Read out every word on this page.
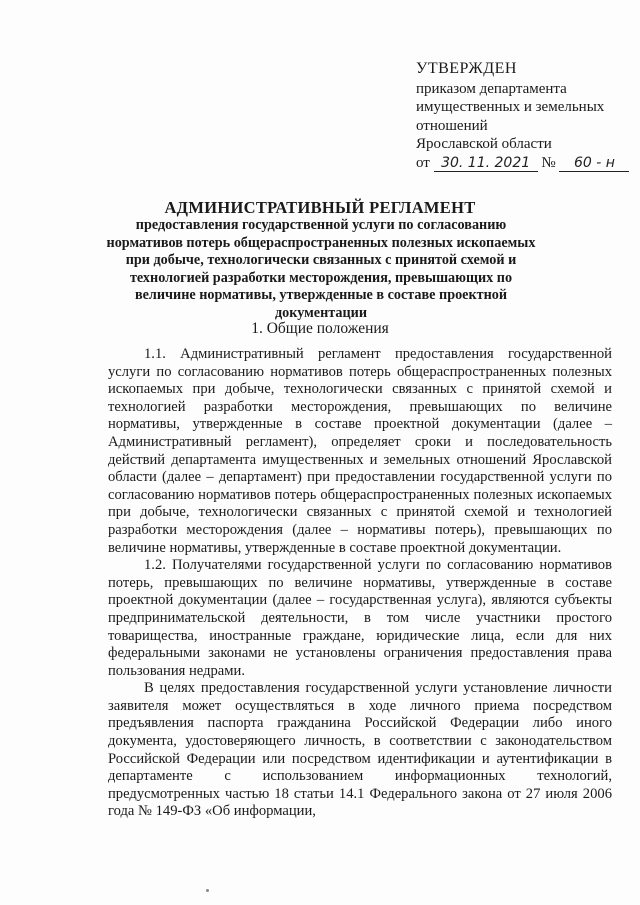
УТВЕРЖДЕН
приказом департамента
имущественных и земельных
отношений
Ярославской области
от 30. 11. 2021 № 60 - н
АДМИНИСТРАТИВНЫЙ РЕГЛАМЕНТ
предоставления государственной услуги по согласованию нормативов потерь общераспространенных полезных ископаемых при добыче, технологически связанных с принятой схемой и технологией разработки месторождения, превышающих по величине нормативы, утвержденные в составе проектной документации
1. Общие положения

1.1. Административный регламент предоставления государственной услуги по согласованию нормативов потерь общераспространенных полезных ископаемых при добыче, технологически связанных с принятой схемой и технологией разработки месторождения, превышающих по величине нормативы, утвержденные в составе проектной документации (далее – Административный регламент), определяет сроки и последовательность действий департамента имущественных и земельных отношений Ярославской области (далее – департамент) при предоставлении государственной услуги по согласованию нормативов потерь общераспространенных полезных ископаемых при добыче, технологически связанных с принятой схемой и технологией разработки месторождения (далее – нормативы потерь), превышающих по величине нормативы, утвержденные в составе проектной документации.

1.2. Получателями государственной услуги по согласованию нормативов потерь, превышающих по величине нормативы, утвержденные в составе проектной документации (далее – государственная услуга), являются субъекты предпринимательской деятельности, в том числе участники простого товарищества, иностранные граждане, юридические лица, если для них федеральными законами не установлены ограничения предоставления права пользования недрами.

В целях предоставления государственной услуги установление личности заявителя может осуществляться в ходе личного приема посредством предъявления паспорта гражданина Российской Федерации либо иного документа, удостоверяющего личность, в соответствии с законодательством Российской Федерации или посредством идентификации и аутентификации в департаменте с использованием информационных технологий, предусмотренных частью 18 статьи 14.1 Федерального закона от 27 июля 2006 года № 149-ФЗ «Об информации,
